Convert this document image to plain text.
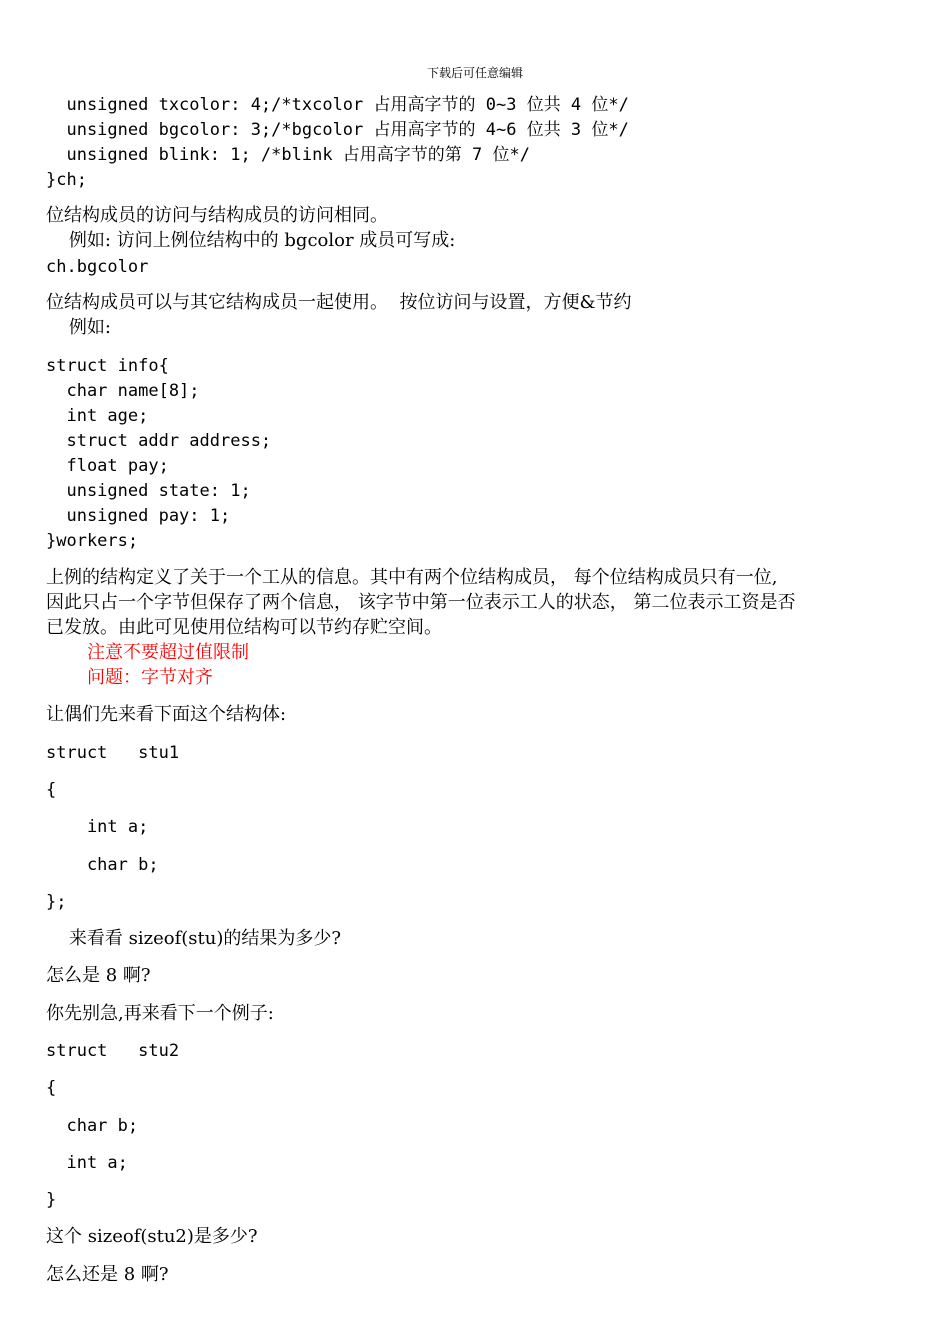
下载后可任意编辑
unsigned txcolor: 4;/*txcolor 占用高字节的 0~3 位共 4 位*/
unsigned bgcolor: 3;/*bgcolor 占用高字节的 4~6 位共 3 位*/
unsigned blink: 1; /*blink 占用高字节的第 7 位*/
}ch;
位结构成员的访问与结构成员的访问相同。
例如: 访问上例位结构中的 bgcolor 成员可写成:
ch.bgcolor
位结构成员可以与其它结构成员一起使用。  按位访问与设置，方便&节约
例如:
struct info{
char name[8];
int age;
struct addr address;
float pay;
unsigned state: 1;
unsigned pay: 1;
}workers;
上例的结构定义了关于一个工从的信息。其中有两个位结构成员， 每个位结构成员只有一位,
因此只占一个字节但保存了两个信息， 该字节中第一位表示工人的状态， 第二位表示工资是否
已发放。由此可见使用位结构可以节约存贮空间。
注意不要超过值限制
问题：字节对齐
让偶们先来看下面这个结构体:
struct   stu1
{
int a;
char b;
};
来看看 sizeof(stu)的结果为多少?
怎么是 8 啊?
你先别急,再来看下一个例子:
struct   stu2
{
char b;
int a;
}
这个 sizeof(stu2)是多少?
怎么还是 8 啊?
